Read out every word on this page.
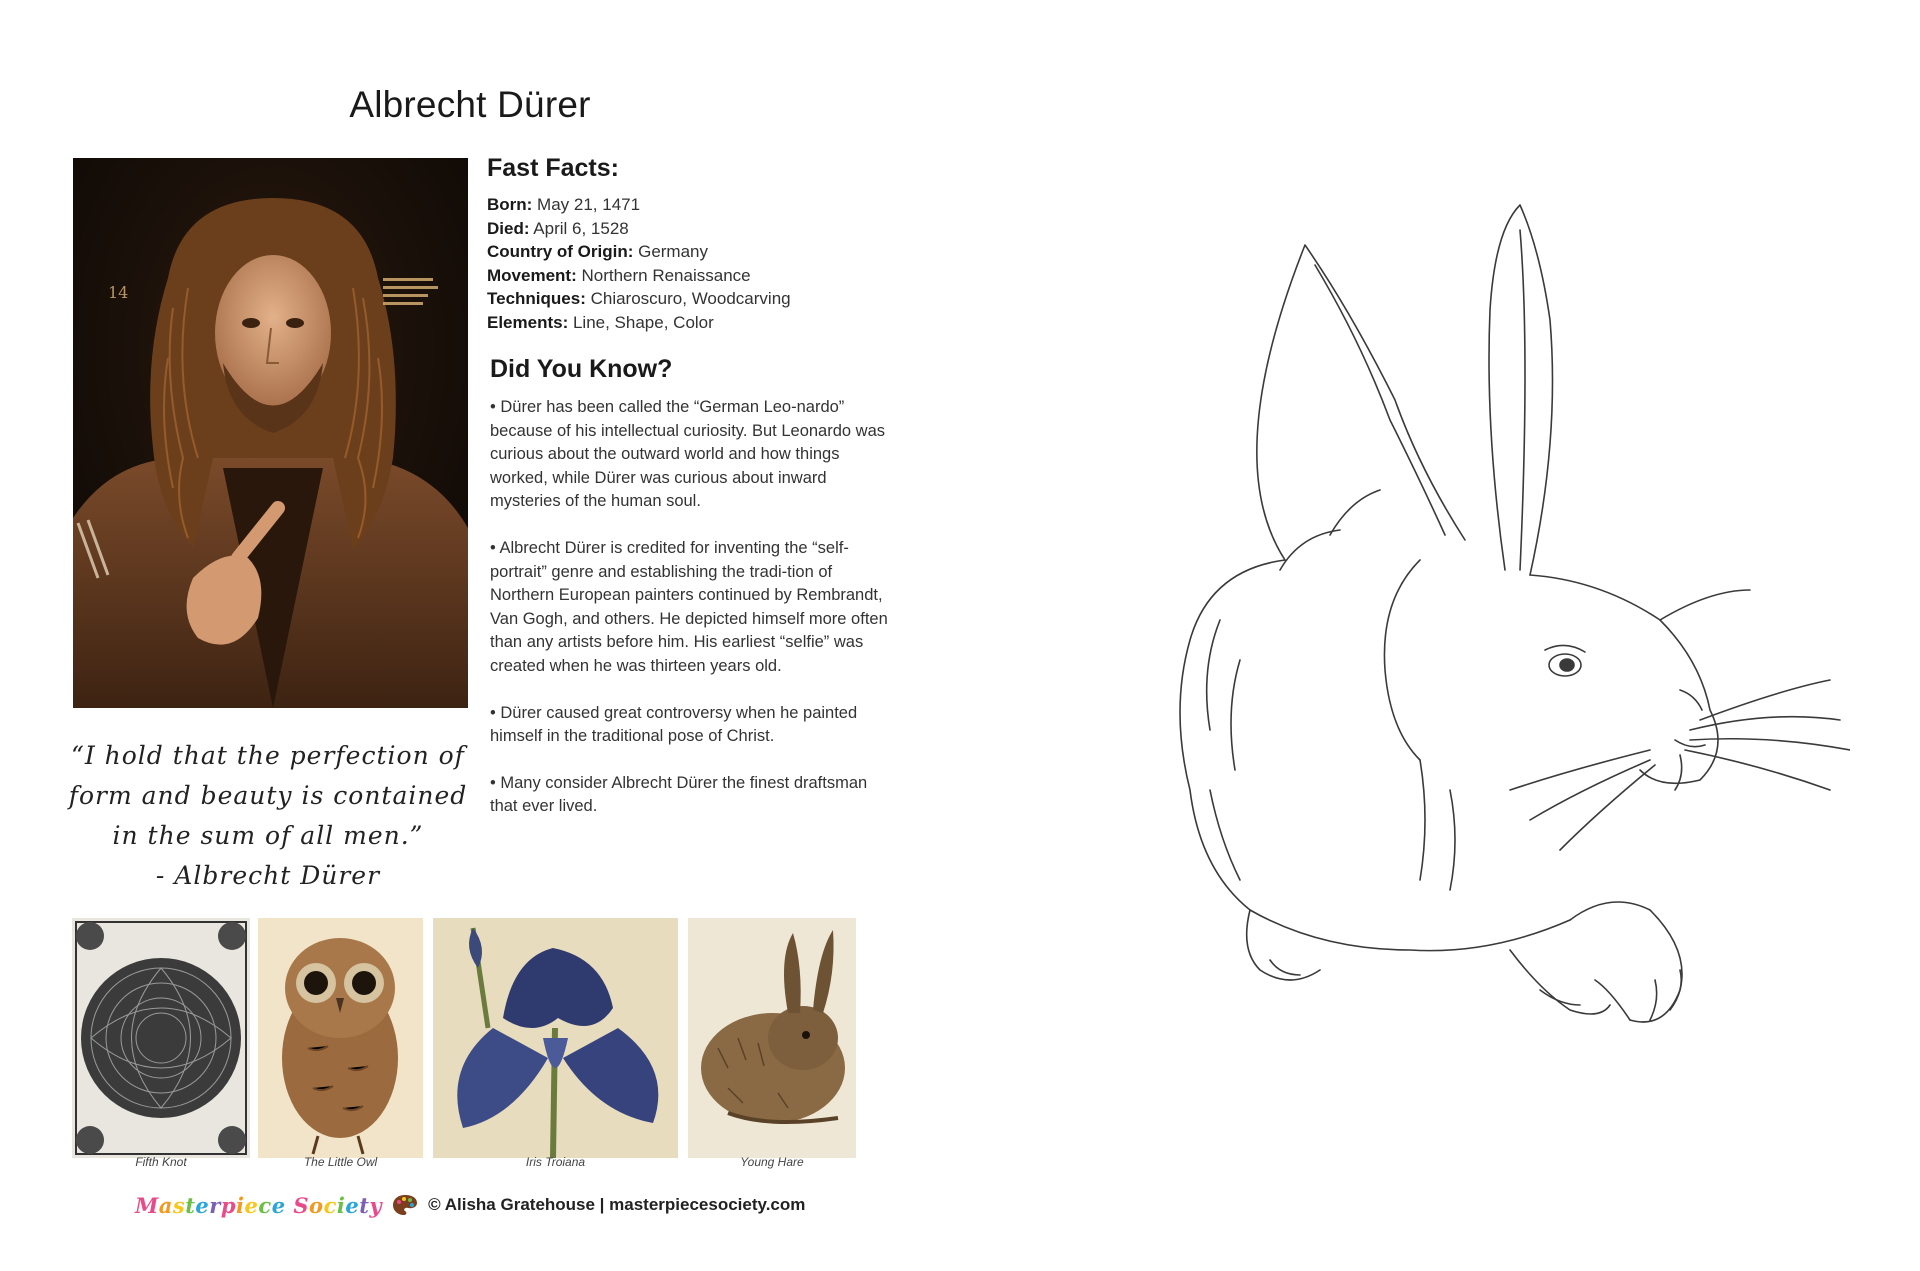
Albrecht Dürer
14
Fast Facts:
Born: May 21, 1471
Died: April 6, 1528
Country of Origin: Germany
Movement: Northern Renaissance
Techniques: Chiaroscuro, Woodcarving
Elements: Line, Shape, Color
Did You Know?
• Dürer has been called the “German Leo-nardo” because of his intellectual curiosity. But Leonardo was curious about the outward world and how things worked, while Dürer was curious about inward mysteries of the human soul.
• Albrecht Dürer is credited for inventing the “self-portrait” genre and establishing the tradi-tion of Northern European painters continued by Rembrandt, Van Gogh, and others. He depicted himself more often than any artists before him. His earliest “selfie” was created when he was thirteen years old.
• Dürer caused great controversy when he painted himself in the traditional pose of Christ.
• Many consider Albrecht Dürer the finest draftsman that ever lived.
“I hold that the perfection of
form and beauty is contained
in the sum of all men.”
- Albrecht Dürer
Fifth Knot	The Little Owl	Iris Troiana	Young Hare
Masterpiece Society	© Alisha Gratehouse | masterpiecesociety.com
